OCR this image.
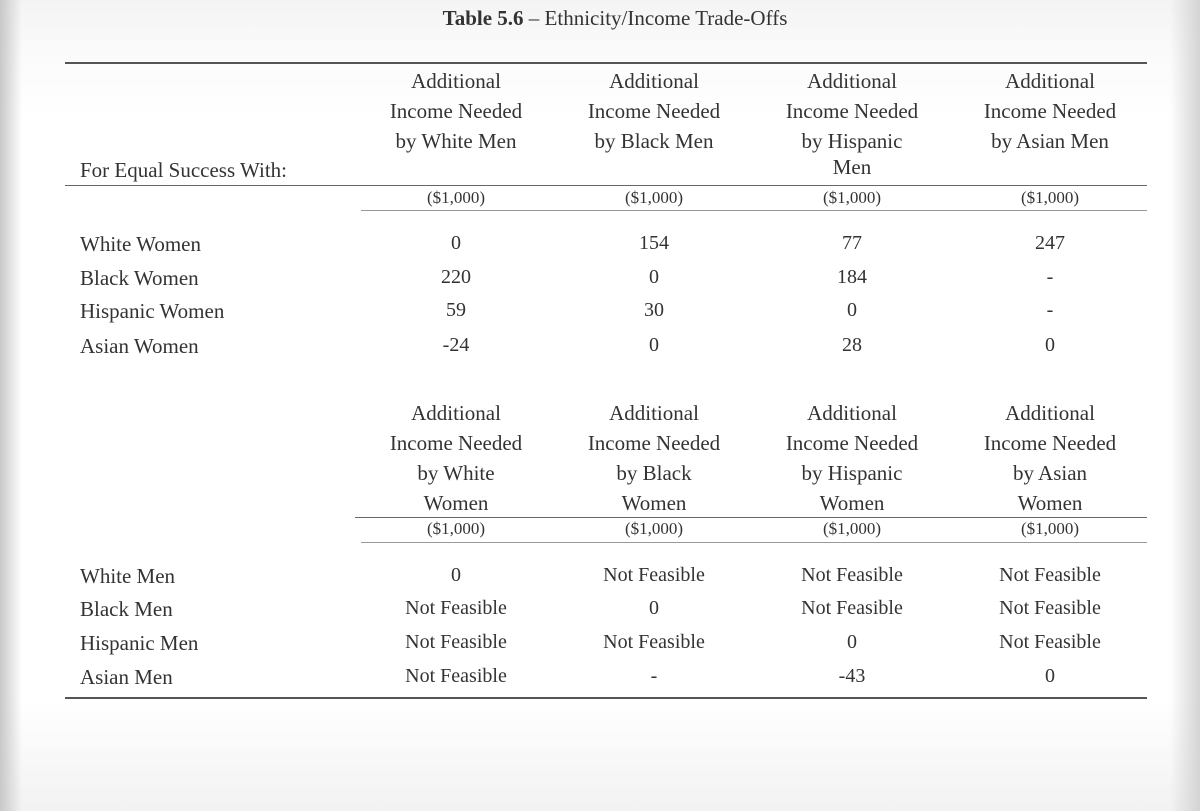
Table 5.6 – Ethnicity/Income Trade-Offs
Additional
Income Needed
by White Men
Additional
Income Needed
by Black Men
Additional
Income Needed
by Hispanic
Men
Additional
Income Needed
by Asian Men
For Equal Success With:
($1,000)	($1,000)	($1,000)	($1,000)
White Women	0	154	77	247
Black Women	220	0	184	-
Hispanic Women	59	30	0	-
Asian Women	-24	0	28	0
Additional
Income Needed
by White
Women
Additional
Income Needed
by Black
Women
Additional
Income Needed
by Hispanic
Women
Additional
Income Needed
by Asian
Women
($1,000)	($1,000)	($1,000)	($1,000)
White Men	0	Not Feasible	Not Feasible	Not Feasible
Black Men	Not Feasible	0	Not Feasible	Not Feasible
Hispanic Men	Not Feasible	Not Feasible	0	Not Feasible
Asian Men	Not Feasible	-	-43	0
